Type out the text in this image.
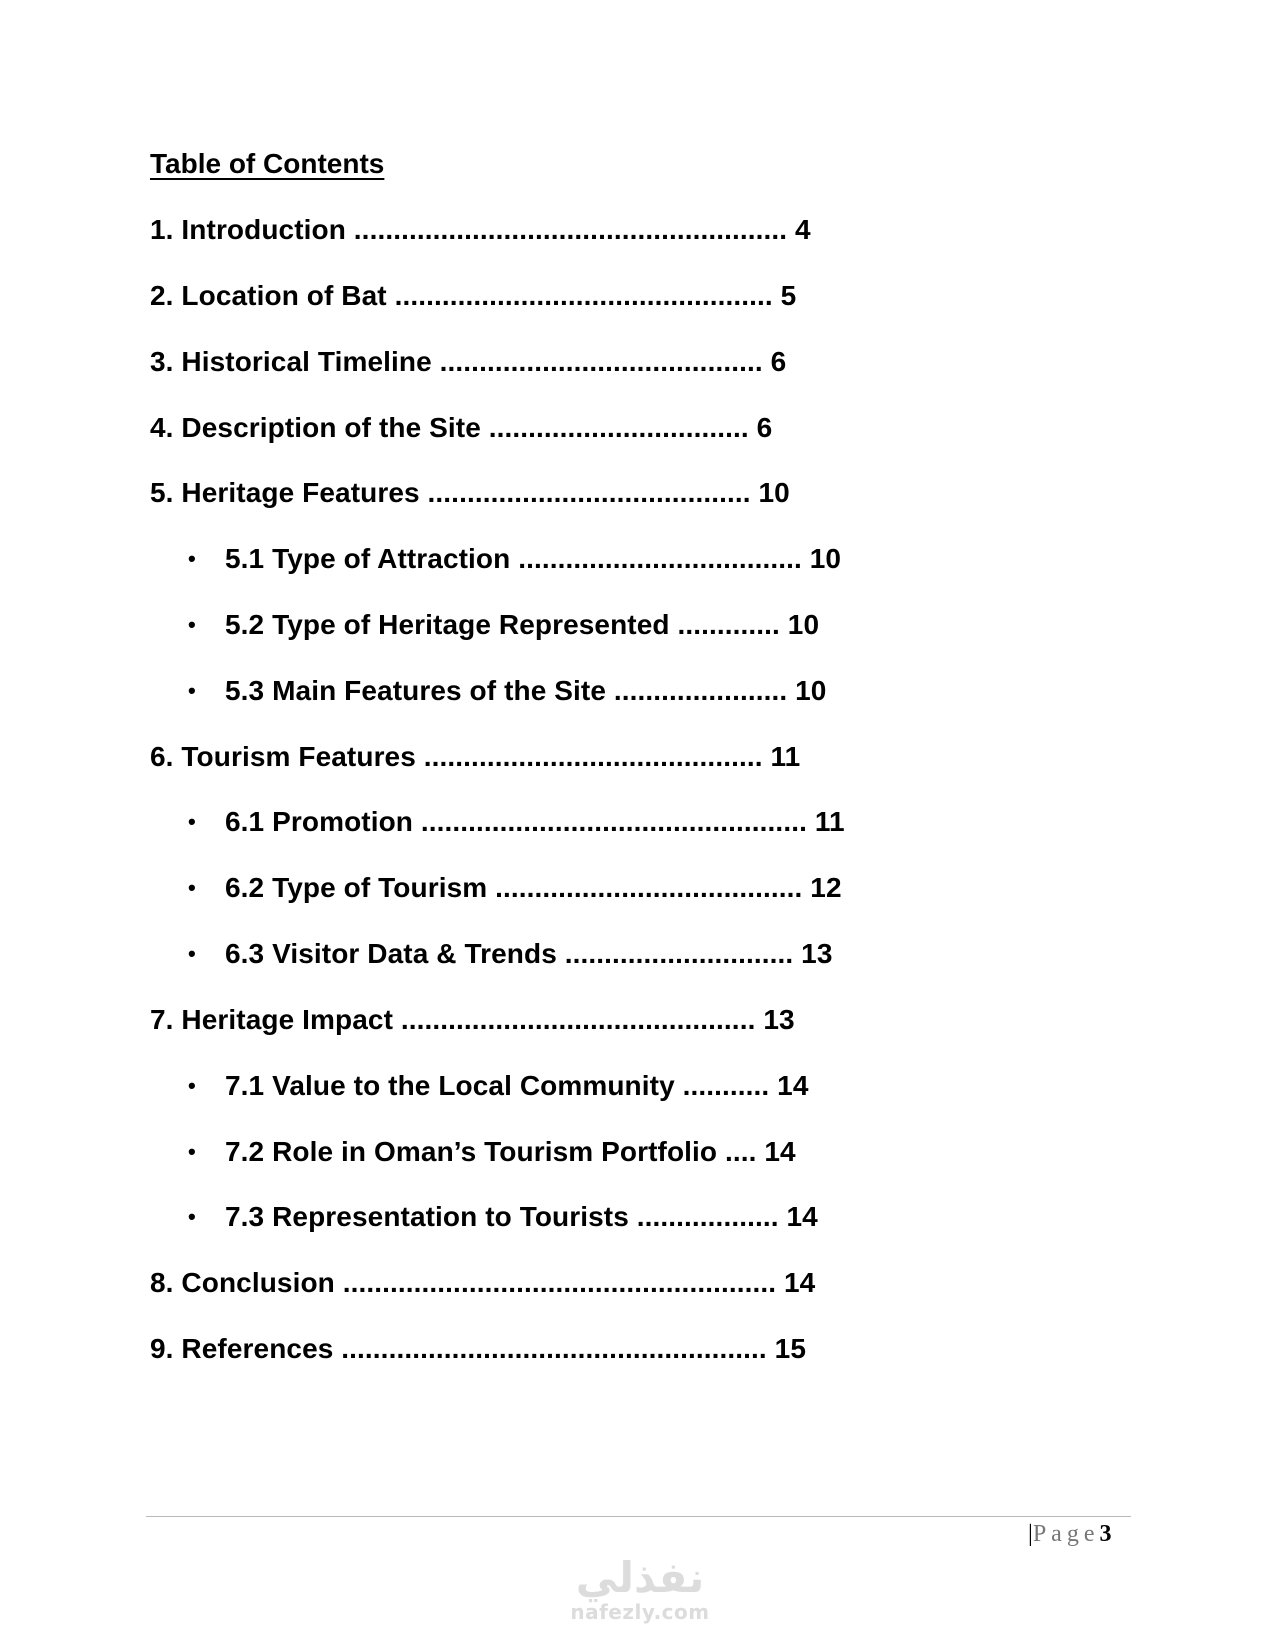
Table of Contents
1. Introduction ....................................................... 4
2. Location of Bat ................................................ 5
3. Historical Timeline ......................................... 6
4. Description of the Site ................................. 6
5. Heritage Features ......................................... 10
• 5.1 Type of Attraction .................................... 10
• 5.2 Type of Heritage Represented ............. 10
• 5.3 Main Features of the Site ...................... 10
6. Tourism Features ........................................... 11
• 6.1 Promotion ................................................. 11
• 6.2 Type of Tourism ....................................... 12
• 6.3 Visitor Data & Trends ............................. 13
7. Heritage Impact ............................................. 13
• 7.1 Value to the Local Community ........... 14
• 7.2 Role in Oman’s Tourism Portfolio .... 14
• 7.3 Representation to Tourists .................. 14
8. Conclusion ....................................................... 14
9. References ...................................................... 15
|Page3
نفذلي
nafezly.com
